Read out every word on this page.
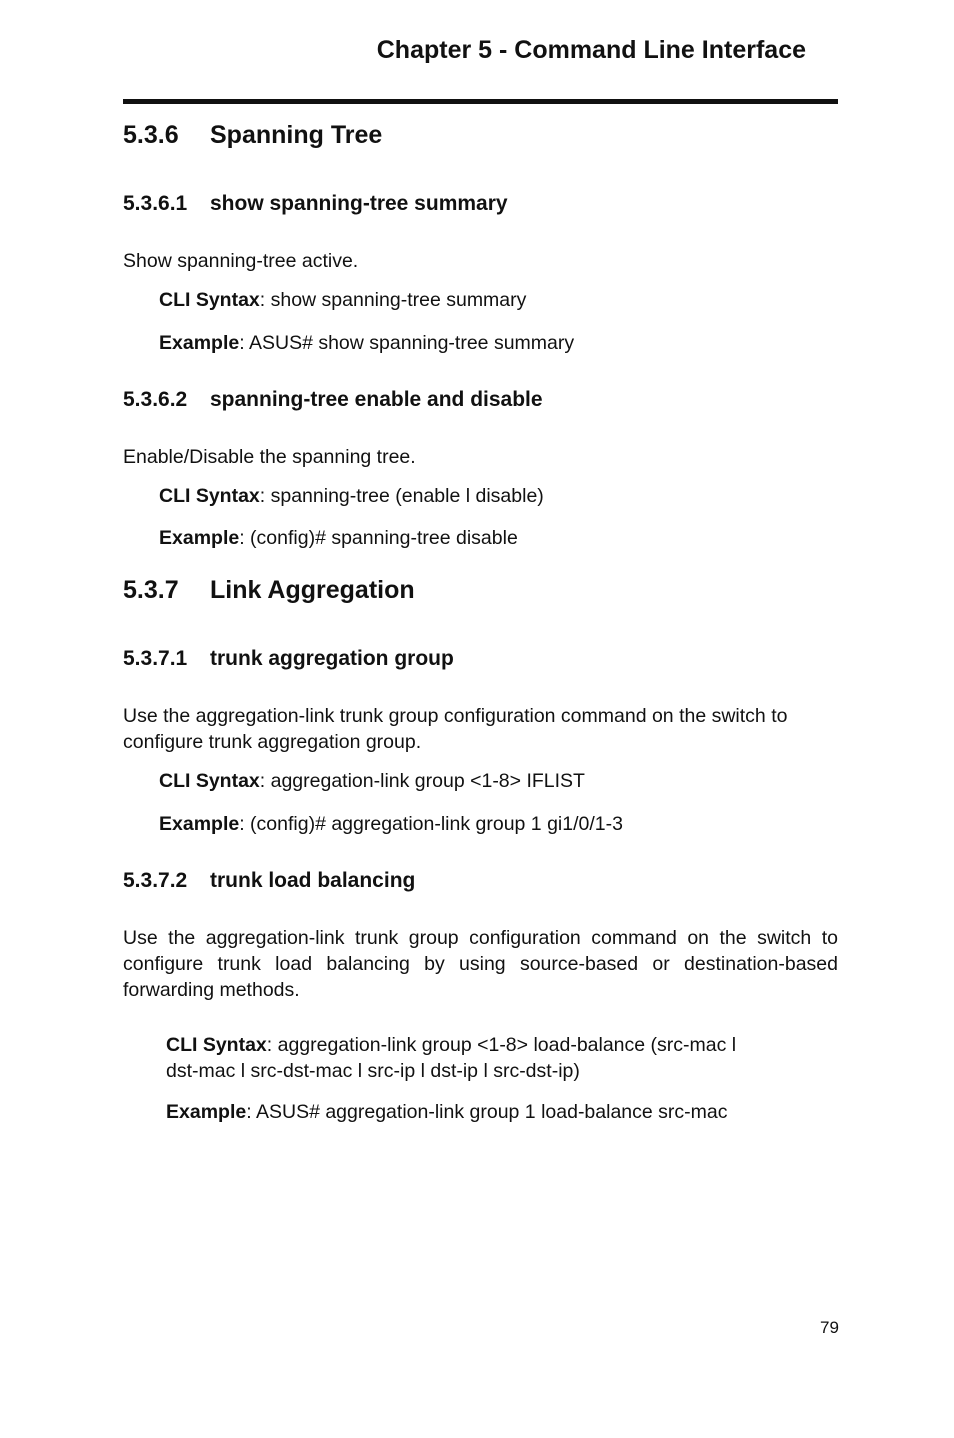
Chapter 5 - Command Line Interface
5.3.6 Spanning Tree
5.3.6.1 show spanning-tree summary
Show spanning-tree active.
CLI Syntax: show spanning-tree summary
Example: ASUS# show spanning-tree summary
5.3.6.2 spanning-tree enable and disable
Enable/Disable the spanning tree.
CLI Syntax: spanning-tree (enable l disable)
Example: (config)# spanning-tree disable
5.3.7 Link Aggregation
5.3.7.1 trunk aggregation group
Use the aggregation-link trunk group configuration command on the switch to configure trunk aggregation group.
CLI Syntax: aggregation-link group <1-8> IFLIST
Example: (config)# aggregation-link group 1 gi1/0/1-3
5.3.7.2 trunk load balancing
Use the aggregation-link trunk group configuration command on the switch to configure trunk load balancing by using source-based or destination-based forwarding methods.
CLI Syntax: aggregation-link group <1-8> load-balance (src-mac l
dst-mac l src-dst-mac l src-ip l dst-ip l src-dst-ip)
Example: ASUS# aggregation-link group 1 load-balance src-mac
79
